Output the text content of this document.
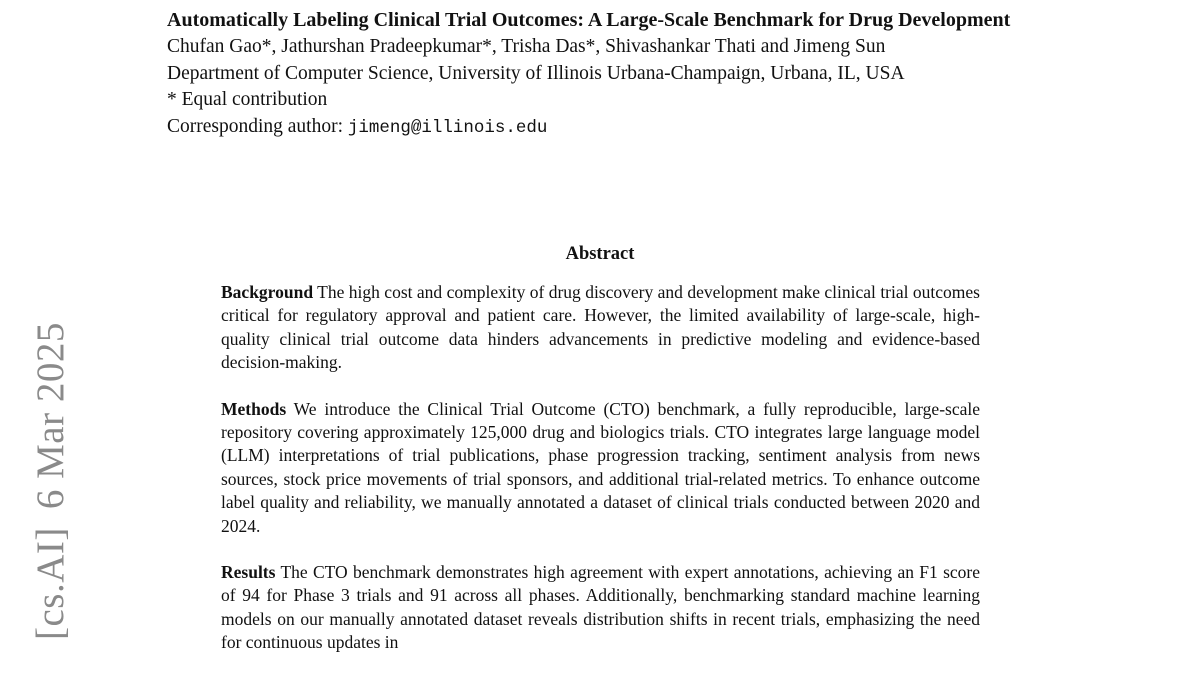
[cs.AI]6 Mar 2025

Automatically Labeling Clinical Trial Outcomes: A Large-Scale Benchmark for Drug Development

Chufan Gao*, Jathurshan Pradeepkumar*, Trisha Das*, Shivashankar Thati and Jimeng Sun

Department of Computer Science, University of Illinois Urbana-Champaign, Urbana, IL, USA

* Equal contribution

Corresponding author: jimeng@illinois.edu

Abstract

Background The high cost and complexity of drug discovery and development make clinical trial outcomes critical for regulatory approval and patient care. However, the limited availability of large-scale, high-quality clinical trial outcome data hinders advancements in predictive modeling and evidence-based decision-making.

Methods We introduce the Clinical Trial Outcome (CTO) benchmark, a fully reproducible, large-scale repository covering approximately 125,000 drug and biologics trials. CTO integrates large language model (LLM) interpretations of trial publications, phase progression tracking, sentiment analysis from news sources, stock price movements of trial sponsors, and additional trial-related metrics. To enhance outcome label quality and reliability, we manually annotated a dataset of clinical trials conducted between 2020 and 2024.

Results The CTO benchmark demonstrates high agreement with expert annotations, achieving an F1 score of 94 for Phase 3 trials and 91 across all phases. Additionally, benchmarking standard machine learning models on our manually annotated dataset reveals distribution shifts in recent trials, emphasizing the need for continuous updates in
